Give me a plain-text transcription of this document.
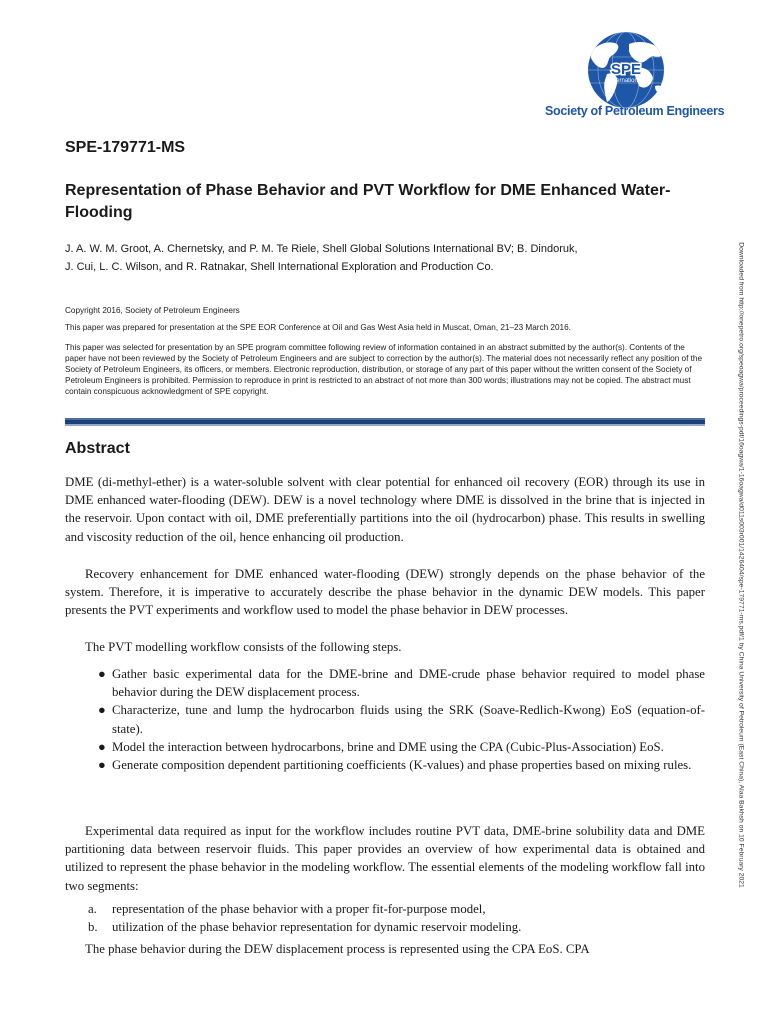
SPE
International
Society of Petroleum Engineers
SPE-179771-MS
Representation of Phase Behavior and PVT Workflow for DME Enhanced Water-Flooding
J. A. W. M. Groot, A. Chernetsky, and P. M. Te Riele, Shell Global Solutions International BV; B. Dindoruk,
J. Cui, L. C. Wilson, and R. Ratnakar, Shell International Exploration and Production Co.
Copyright 2016, Society of Petroleum Engineers
This paper was prepared for presentation at the SPE EOR Conference at Oil and Gas West Asia held in Muscat, Oman, 21–23 March 2016.
This paper was selected for presentation by an SPE program committee following review of information contained in an abstract submitted by the author(s). Contents of the paper have not been reviewed by the Society of Petroleum Engineers and are subject to correction by the author(s). The material does not necessarily reflect any position of the Society of Petroleum Engineers, its officers, or members. Electronic reproduction, distribution, or storage of any part of this paper without the written consent of the Society of Petroleum Engineers is prohibited. Permission to reproduce in print is restricted to an abstract of not more than 300 words; illustrations may not be copied. The abstract must contain conspicuous acknowledgment of SPE copyright.
Abstract
DME (di-methyl-ether) is a water-soluble solvent with clear potential for enhanced oil recovery (EOR) through its use in DME enhanced water-flooding (DEW). DEW is a novel technology where DME is dissolved in the brine that is injected in the reservoir. Upon contact with oil, DME preferentially partitions into the oil (hydrocarbon) phase. This results in swelling and viscosity reduction of the oil, hence enhancing oil production.
Recovery enhancement for DME enhanced water-flooding (DEW) strongly depends on the phase behavior of the system. Therefore, it is imperative to accurately describe the phase behavior in the dynamic DEW models. This paper presents the PVT experiments and workflow used to model the phase behavior in DEW processes.
The PVT modelling workflow consists of the following steps.
● Gather basic experimental data for the DME-brine and DME-crude phase behavior required to model phase behavior during the DEW displacement process.
● Characterize, tune and lump the hydrocarbon fluids using the SRK (Soave-Redlich-Kwong) EoS (equation-of-state).
● Model the interaction between hydrocarbons, brine and DME using the CPA (Cubic-Plus-Association) EoS.
● Generate composition dependent partitioning coefficients (K-values) and phase properties based on mixing rules.
Experimental data required as input for the workflow includes routine PVT data, DME-brine solubility data and DME partitioning data between reservoir fluids. This paper provides an overview of how experimental data is obtained and utilized to represent the phase behavior in the modeling workflow. The essential elements of the modeling workflow fall into two segments:
a. representation of the phase behavior with a proper fit-for-purpose model,
b. utilization of the phase behavior representation for dynamic reservoir modeling.
The phase behavior during the DEW displacement process is represented using the CPA EoS. CPA
Downloaded from http://onepetro.org/speoagwa/proceedings-pdf/16oagwa/1-16oagwa/d011s003r001/1426404/spe-179771-ms.pdf/1 by China University of Petroleum (East China), Alaa Bakhsh on 10 February 2021
